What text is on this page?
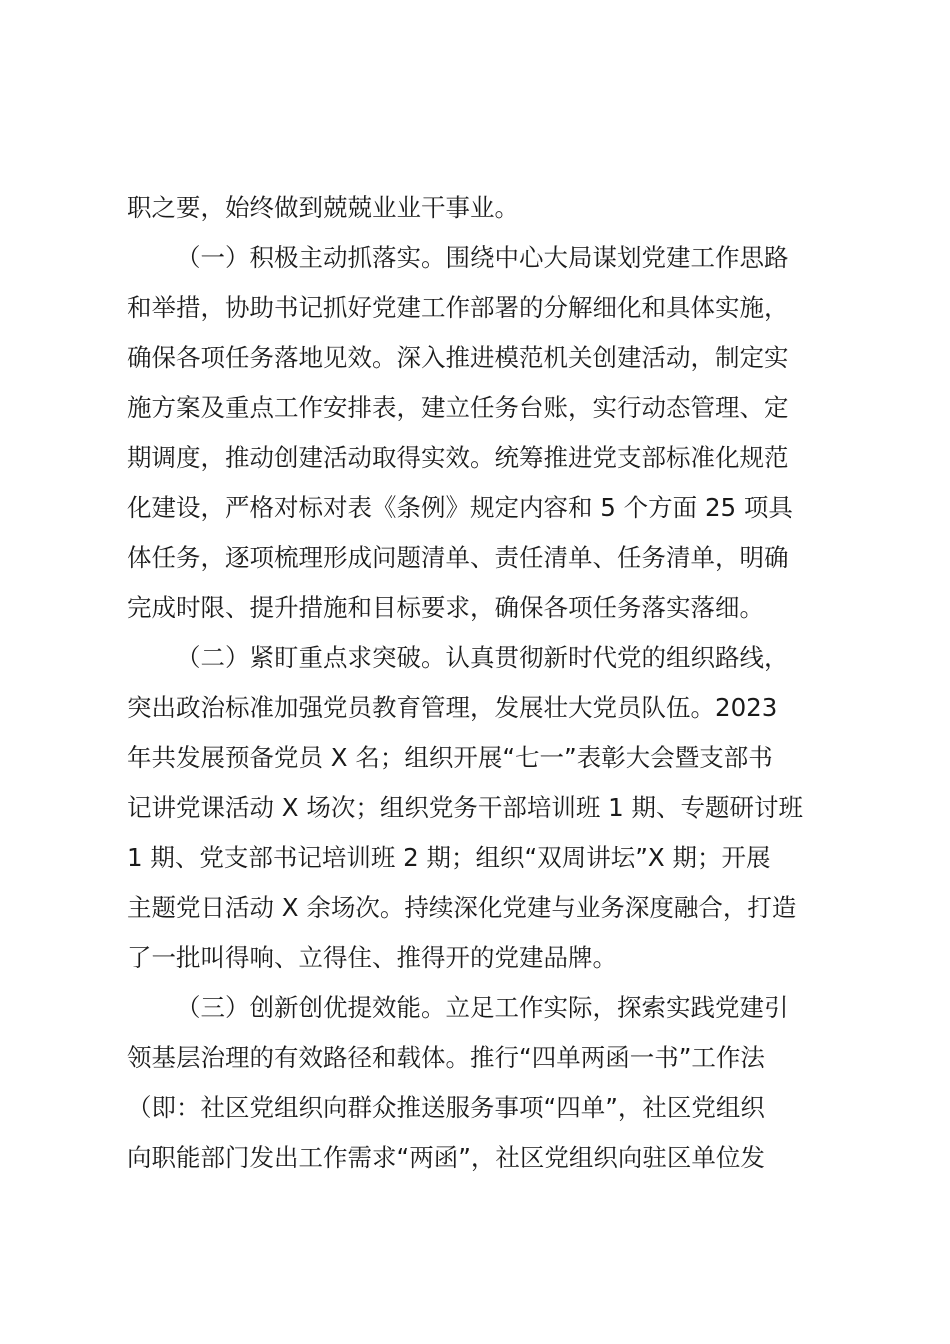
职之要，始终做到兢兢业业干事业。
（一）积极主动抓落实。围绕中心大局谋划党建工作思路
和举措，协助书记抓好党建工作部署的分解细化和具体实施，
确保各项任务落地见效。深入推进模范机关创建活动，制定实
施方案及重点工作安排表，建立任务台账，实行动态管理、定
期调度，推动创建活动取得实效。统筹推进党支部标准化规范
化建设，严格对标对表《条例》规定内容和 5 个方面 25 项具
体任务，逐项梳理形成问题清单、责任清单、任务清单，明确
完成时限、提升措施和目标要求，确保各项任务落实落细。
（二）紧盯重点求突破。认真贯彻新时代党的组织路线，
突出政治标准加强党员教育管理，发展壮大党员队伍。2023
年共发展预备党员 X 名；组织开展“七一”表彰大会暨支部书
记讲党课活动 X 场次；组织党务干部培训班 1 期、专题研讨班
1 期、党支部书记培训班 2 期；组织“双周讲坛”X 期；开展
主题党日活动 X 余场次。持续深化党建与业务深度融合，打造
了一批叫得响、立得住、推得开的党建品牌。
（三）创新创优提效能。立足工作实际，探索实践党建引
领基层治理的有效路径和载体。推行“四单两函一书”工作法
（即：社区党组织向群众推送服务事项“四单”，社区党组织
向职能部门发出工作需求“两函”，社区党组织向驻区单位发
